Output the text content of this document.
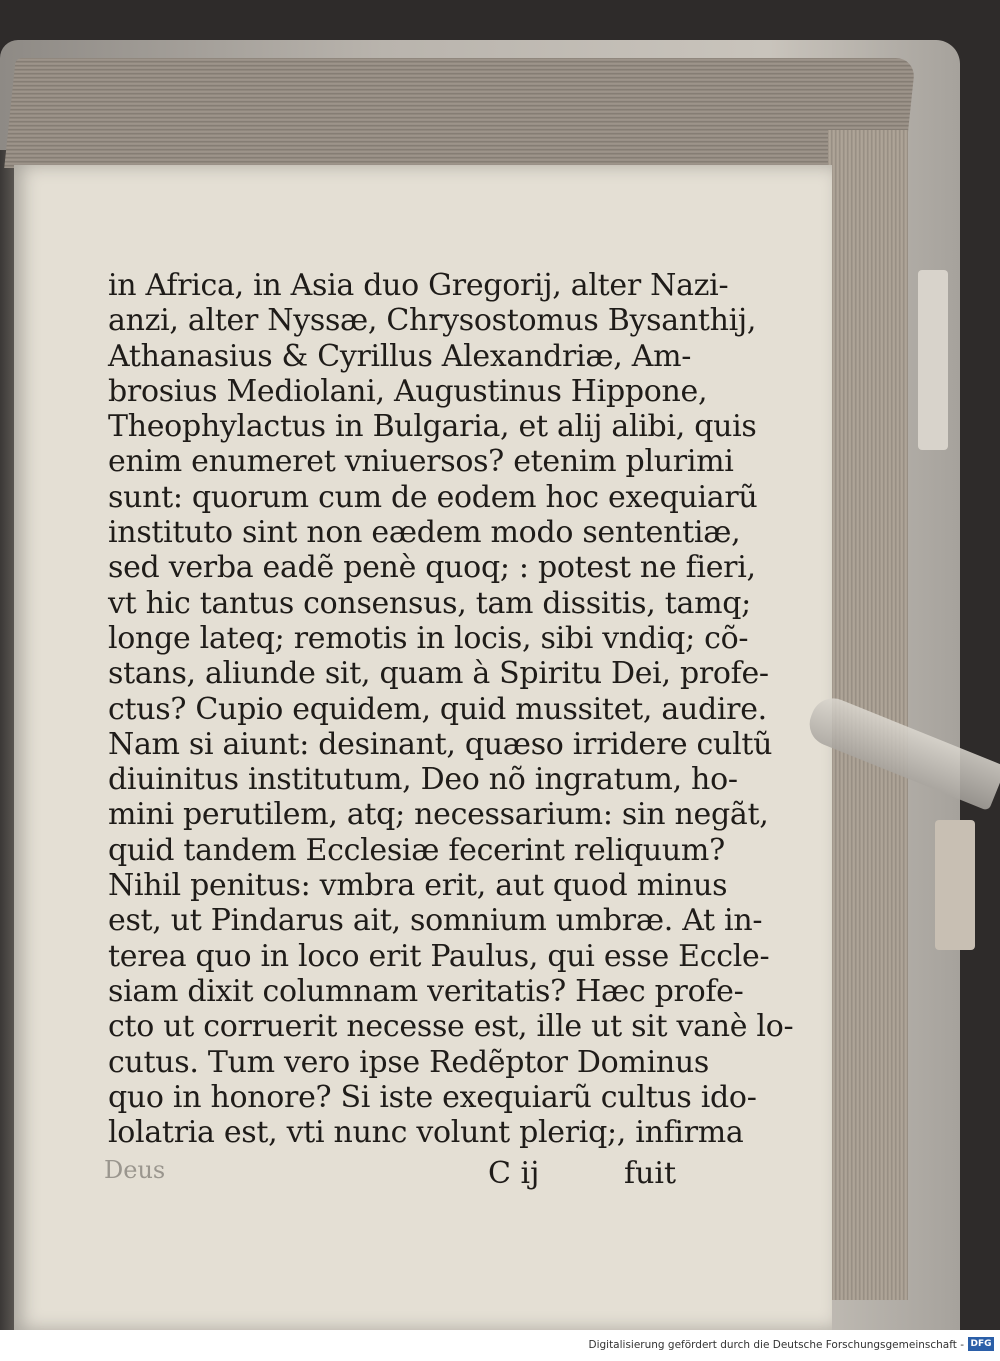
in Africa, in Asia duo Gregorij, alter Nazi-
anzi, alter Nyssæ, Chrysostomus Bysanthij,
Athanasius & Cyrillus Alexandriæ, Am-
brosius Mediolani, Augustinus Hippone,
Theophylactus in Bulgaria, et alij alibi, quis
enim enumeret vniuersos? etenim plurimi
sunt: quorum cum de eodem hoc exequiarũ
instituto sint non eædem modo sententiæ,
sed verba eadẽ penè quoq; : potest ne fieri,
vt hic tantus consensus, tam dissitis, tamq;
longe lateq; remotis in locis, sibi vndiq; cõ-
stans, aliunde sit, quam à Spiritu Dei, profe-
ctus? Cupio equidem, quid mussitet, audire.
Nam si aiunt: desinant, quæso irridere cultũ
diuinitus institutum, Deo nõ ingratum, ho-
mini perutilem, atq; necessarium: sin negãt,
quid tandem Ecclesiæ fecerint reliquum?
Nihil penitus: vmbra erit, aut quod minus
est, ut Pindarus ait, somnium umbræ. At in-
terea quo in loco erit Paulus, qui esse Eccle-
siam dixit columnam veritatis? Hæc profe-
cto ut corruerit necesse est, ille ut sit vanè lo-
cutus. Tum vero ipse Redẽptor Dominus
quo in honore? Si iste exequiarũ cultus ido-
lolatria est, vti nunc volunt pleriq;, infirma
Deus	C ij	fuit
Digitalisierung gefördert durch die Deutsche Forschungsgemeinschaft - DFG
